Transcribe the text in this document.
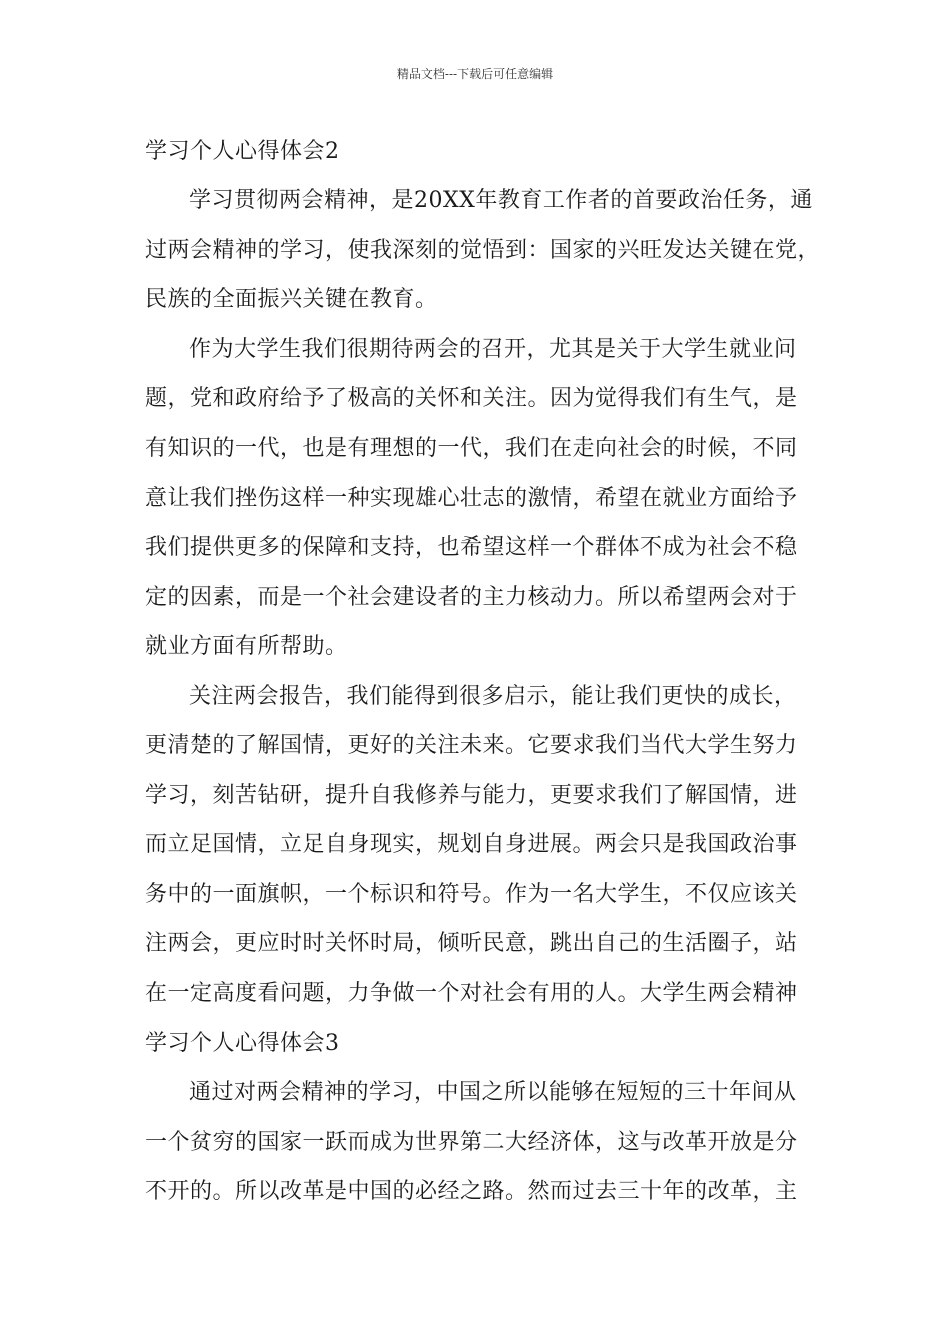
精品文档---下载后可任意编辑
学习个人心得体会2
学习贯彻两会精神，是20XX年教育工作者的首要政治任务，通
过两会精神的学习，使我深刻的觉悟到：国家的兴旺发达关键在党，
民族的全面振兴关键在教育。
作为大学生我们很期待两会的召开，尤其是关于大学生就业问
题，党和政府给予了极高的关怀和关注。因为觉得我们有生气，是
有知识的一代，也是有理想的一代，我们在走向社会的时候，不同
意让我们挫伤这样一种实现雄心壮志的激情，希望在就业方面给予
我们提供更多的保障和支持，也希望这样一个群体不成为社会不稳
定的因素，而是一个社会建设者的主力核动力。所以希望两会对于
就业方面有所帮助。
关注两会报告，我们能得到很多启示，能让我们更快的成长，
更清楚的了解国情，更好的关注未来。它要求我们当代大学生努力
学习，刻苦钻研，提升自我修养与能力，更要求我们了解国情，进
而立足国情，立足自身现实，规划自身进展。两会只是我国政治事
务中的一面旗帜，一个标识和符号。作为一名大学生，不仅应该关
注两会，更应时时关怀时局，倾听民意，跳出自己的生活圈子，站
在一定高度看问题，力争做一个对社会有用的人。大学生两会精神
学习个人心得体会3
通过对两会精神的学习，中国之所以能够在短短的三十年间从
一个贫穷的国家一跃而成为世界第二大经济体，这与改革开放是分
不开的。所以改革是中国的必经之路。然而过去三十年的改革，主
